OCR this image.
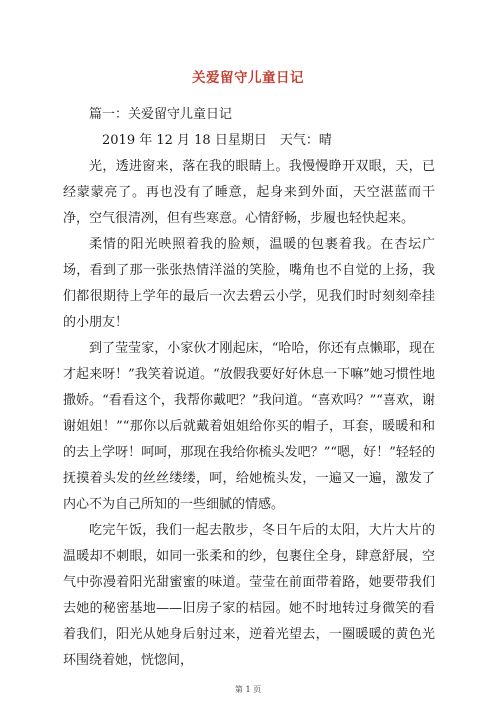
关爱留守儿童日记
篇一：关爱留守儿童日记
2019 年 12 月 18 日星期日　天气：晴

光，透进窗来，落在我的眼睛上。我慢慢睁开双眼，天，已经蒙蒙亮了。再也没有了睡意，起身来到外面，天空湛蓝而干净，空气很清冽，但有些寒意。心情舒畅，步履也轻快起来。

柔情的阳光映照着我的脸颊，温暖的包裹着我。在杏坛广场，看到了那一张张热情洋溢的笑脸，嘴角也不自觉的上扬，我们都很期待上学年的最后一次去碧云小学，见我们时时刻刻牵挂的小朋友！

到了莹莹家，小家伙才刚起床，“哈哈，你还有点懒耶，现在才起来呀！”我笑着说道。“放假我要好好休息一下嘛”她习惯性地撒娇。“看看这个，我帮你戴吧？”我问道。“喜欢吗？”“喜欢，谢谢姐姐！”“那你以后就戴着姐姐给你买的帽子，耳套，暖暖和和的去上学呀！呵呵，那现在我给你梳头发吧？”“嗯，好！”轻轻的抚摸着头发的丝丝缕缕，呵，给她梳头发，一遍又一遍，激发了内心不为自己所知的一些细腻的情感。

吃完午饭，我们一起去散步，冬日午后的太阳，大片大片的温暖却不刺眼，如同一张柔和的纱，包裹住全身，肆意舒展，空气中弥漫着阳光甜蜜蜜的味道。莹莹在前面带着路，她要带我们去她的秘密基地——旧房子家的桔园。她不时地转过身微笑的看着我们，阳光从她身后射过来，逆着光望去，一圈暖暖的黄色光环围绕着她，恍惚间，

第 1 页
